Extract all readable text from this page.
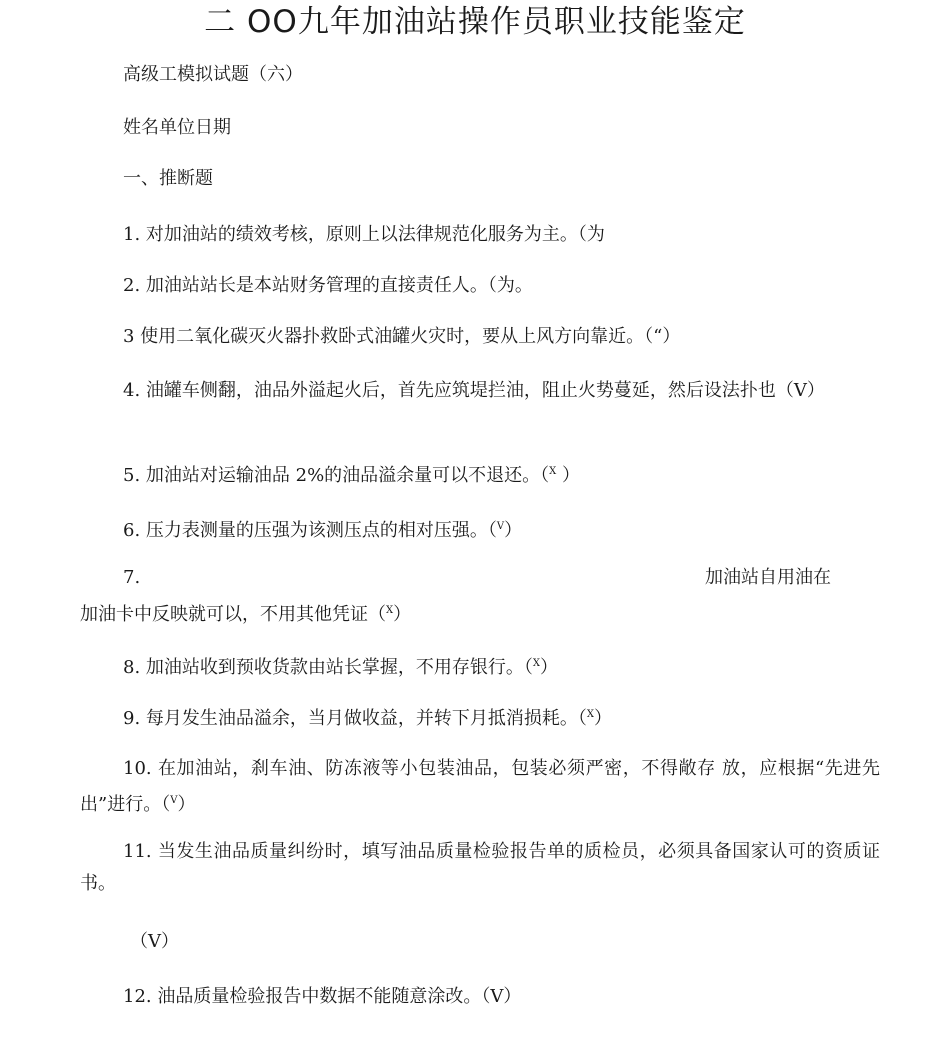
二 OO九年加油站操作员职业技能鉴定

高级工模拟试题（六）

姓名单位日期

一、推断题

1. 对加油站的绩效考核，原则上以法律规范化服务为主。（为

2. 加油站站长是本站财务管理的直接责任人。（为。

3 使用二氧化碳灭火器扑救卧式油罐火灾时，要从上风方向靠近。（“）

4. 油罐车侧翻，油品外溢起火后，首先应筑堤拦油，阻止火势蔓延，然后设法扑也（V）

5. 加油站对运输油品 2%的油品溢余量可以不退还。（$^X$ ）

6. 压力表测量的压强为该测压点的相对压强。（$^V$）

7.	加油站自用油在

加油卡中反映就可以，不用其他凭证（$^X$）

8. 加油站收到预收货款由站长掌握，不用存银行。（$^X$）

9. 每月发生油品溢余，当月做收益，并转下月抵消损耗。（$^X$）

10. 在加油站，刹车油、防冻液等小包装油品，包装必须严密，不得敞存 放，应根据“先进先出”进行。（$^V$）

11. 当发生油品质量纠纷时，填写油品质量检验报告单的质检员，必须具备国家认可的资质证书。

（V）

12. 油品质量检验报告中数据不能随意涂改。（V）
